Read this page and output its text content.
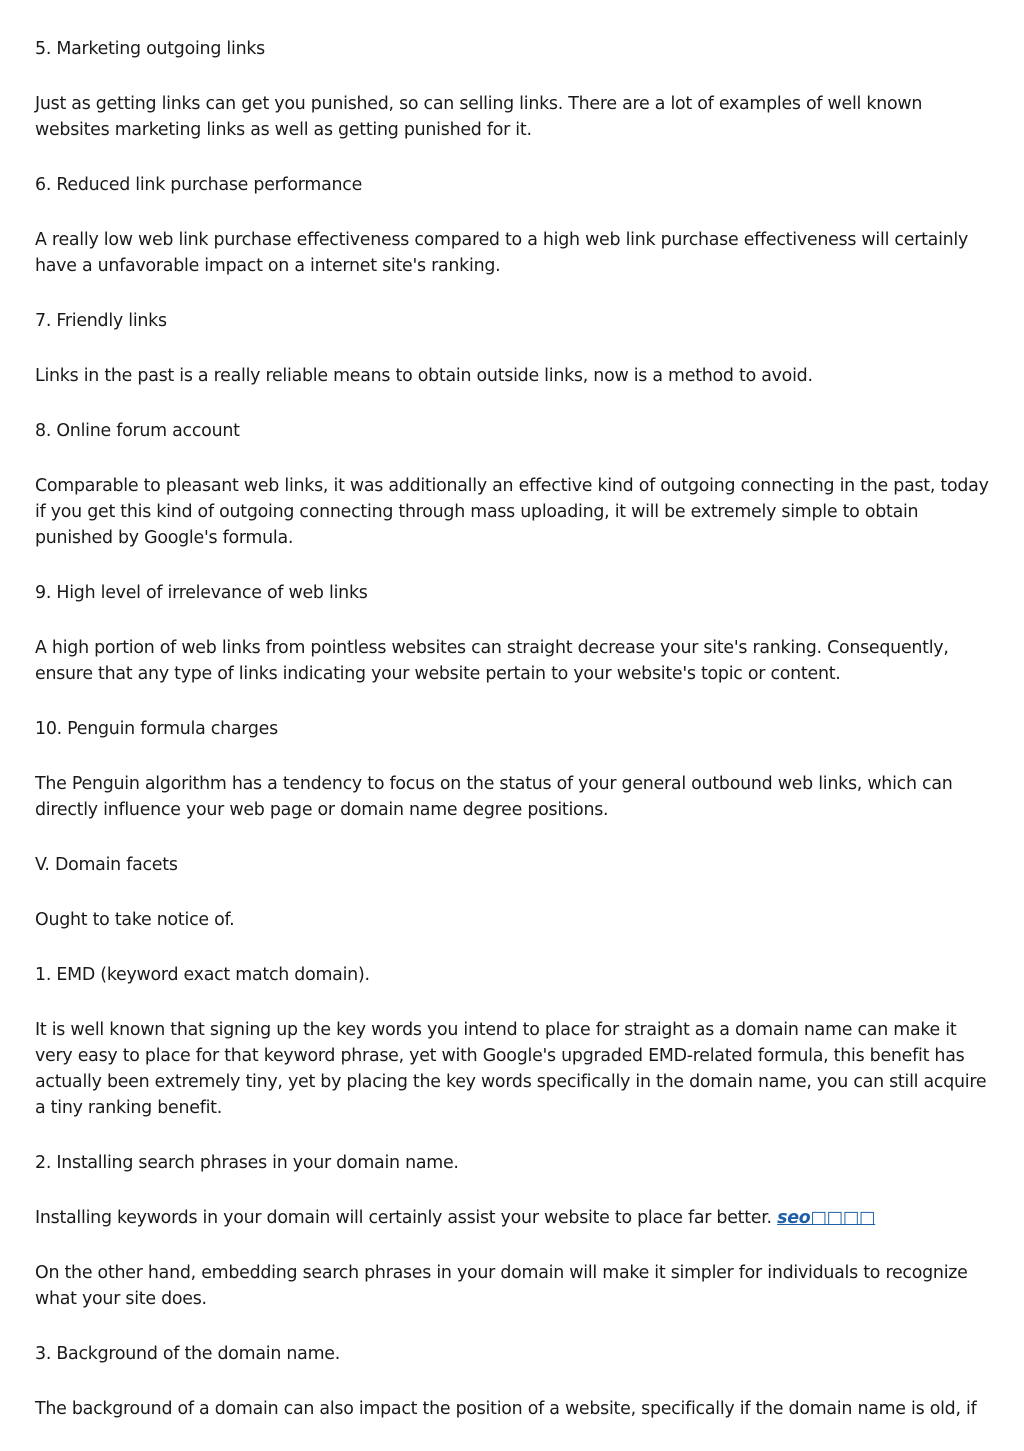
5. Marketing outgoing links

Just as getting links can get you punished, so can selling links. There are a lot of examples of well known websites marketing links as well as getting punished for it.

6. Reduced link purchase performance

A really low web link purchase effectiveness compared to a high web link purchase effectiveness will certainly have a unfavorable impact on a internet site's ranking.

7. Friendly links

Links in the past is a really reliable means to obtain outside links, now is a method to avoid.

8. Online forum account

Comparable to pleasant web links, it was additionally an effective kind of outgoing connecting in the past, today if you get this kind of outgoing connecting through mass uploading, it will be extremely simple to obtain punished by Google's formula.

9. High level of irrelevance of web links

A high portion of web links from pointless websites can straight decrease your site's ranking. Consequently, ensure that any type of links indicating your website pertain to your website's topic or content.

10. Penguin formula charges

The Penguin algorithm has a tendency to focus on the status of your general outbound web links, which can directly influence your web page or domain name degree positions.

V. Domain facets

Ought to take notice of.

1. EMD (keyword exact match domain).

It is well known that signing up the key words you intend to place for straight as a domain name can make it very easy to place for that keyword phrase, yet with Google's upgraded EMD-related formula, this benefit has actually been extremely tiny, yet by placing the key words specifically in the domain name, you can still acquire a tiny ranking benefit.

2. Installing search phrases in your domain name.

Installing keywords in your domain will certainly assist your website to place far better. seo□□□□

On the other hand, embedding search phrases in your domain will make it simpler for individuals to recognize what your site does.

3. Background of the domain name.

The background of a domain can also impact the position of a website, specifically if the domain name is old, if
